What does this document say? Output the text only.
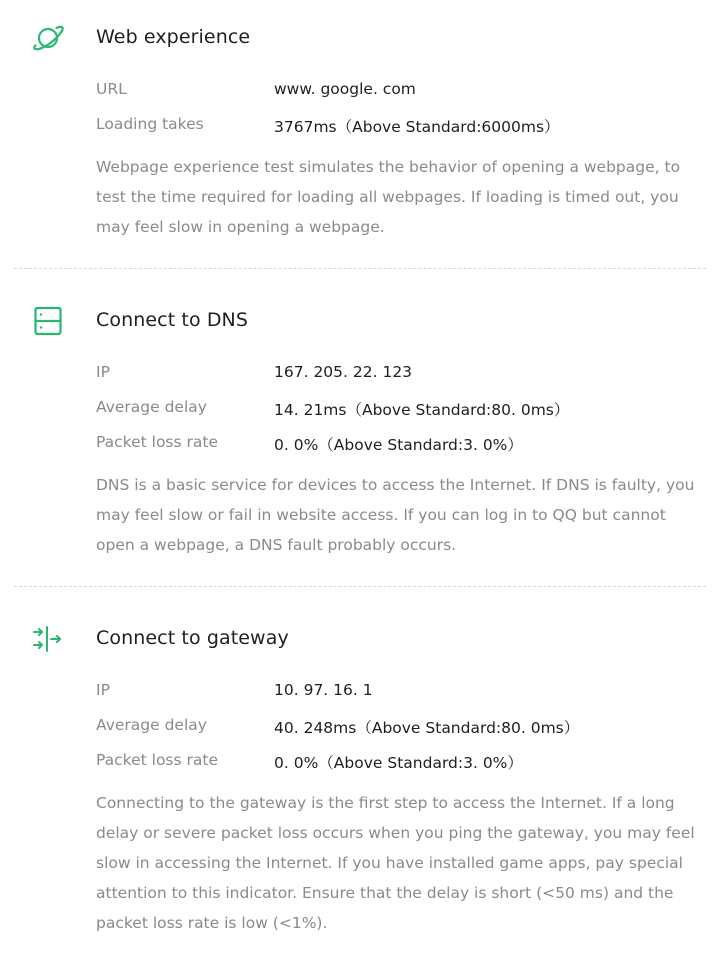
Web experience
URL	www. google. com
Loading takes	3767ms（Above Standard:6000ms）
Webpage experience test simulates the behavior of opening a webpage, to test the time required for loading all webpages. If loading is timed out, you may feel slow in opening a webpage.
Connect to DNS
IP	167. 205. 22. 123
Average delay	14. 21ms（Above Standard:80. 0ms）
Packet loss rate	0. 0%（Above Standard:3. 0%）
DNS is a basic service for devices to access the Internet. If DNS is faulty, you may feel slow or fail in website access. If you can log in to QQ but cannot open a webpage, a DNS fault probably occurs.
Connect to gateway
IP	10. 97. 16. 1
Average delay	40. 248ms（Above Standard:80. 0ms）
Packet loss rate	0. 0%（Above Standard:3. 0%）
Connecting to the gateway is the first step to access the Internet. If a long delay or severe packet loss occurs when you ping the gateway, you may feel slow in accessing the Internet. If you have installed game apps, pay special attention to this indicator. Ensure that the delay is short (<50 ms) and the packet loss rate is low (<1%).
